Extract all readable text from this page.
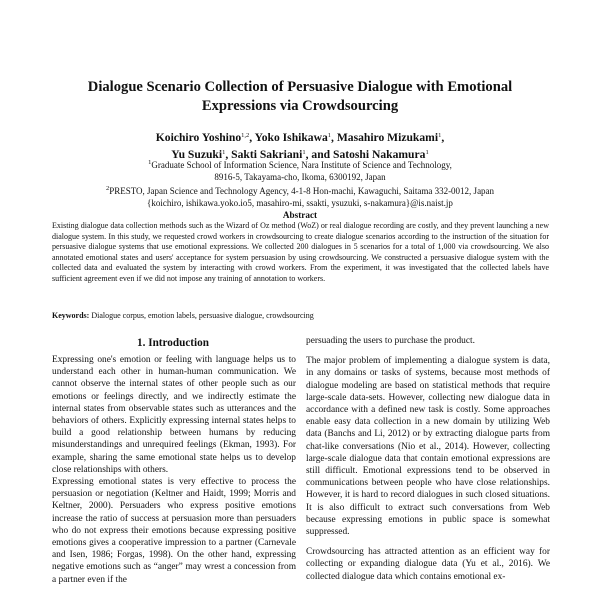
Dialogue Scenario Collection of Persuasive Dialogue with Emotional
Expressions via Crowdsourcing
Koichiro Yoshino$^{1,2}$, Yoko Ishikawa$^1$, Masahiro Mizukami$^1$,
Yu Suzuki$^1$, Sakti Sakriani$^1$, and Satoshi Nakamura$^1$
$^1$Graduate School of Information Science, Nara Institute of Science and Technology,
8916-5, Takayama-cho, Ikoma, 6300192, Japan
$^2$PRESTO, Japan Science and Technology Agency, 4-1-8 Hon-machi, Kawaguchi, Saitama 332-0012, Japan
{koichiro, ishikawa.yoko.io5, masahiro-mi, ssakti, ysuzuki, s-nakamura}@is.naist.jp
Abstract
Existing dialogue data collection methods such as the Wizard of Oz method (WoZ) or real dialogue recording are costly, and they prevent launching a new dialogue system. In this study, we requested crowd workers in crowdsourcing to create dialogue scenarios according to the instruction of the situation for persuasive dialogue systems that use emotional expressions. We collected 200 dialogues in 5 scenarios for a total of 1,000 via crowdsourcing. We also annotated emotional states and users' acceptance for system persuasion by using crowdsourcing. We constructed a persuasive dialogue system with the collected data and evaluated the system by interacting with crowd workers. From the experiment, it was investigated that the collected labels have sufficient agreement even if we did not impose any training of annotation to workers.
Keywords: Dialogue corpus, emotion labels, persuasive dialogue, crowdsourcing
1. Introduction

Expressing one's emotion or feeling with language helps us to understand each other in human-human communication. We cannot observe the internal states of other people such as our emotions or feelings directly, and we indirectly estimate the internal states from observable states such as utterances and the behaviors of others. Explicitly expressing internal states helps to build a good relationship between humans by reducing misunderstandings and unrequired feelings (Ekman, 1993). For example, sharing the same emotional state helps us to develop close relationships with others.

Expressing emotional states is very effective to process the persuasion or negotiation (Keltner and Haidt, 1999; Morris and Keltner, 2000). Persuaders who express positive emotions increase the ratio of success at persuasion more than persuaders who do not express their emotions because expressing positive emotions gives a cooperative impression to a partner (Carnevale and Isen, 1986; Forgas, 1998). On the other hand, expressing negative emotions such as “anger” may wrest a concession from a partner even if the

persuading the users to purchase the product.

The major problem of implementing a dialogue system is data, in any domains or tasks of systems, because most methods of dialogue modeling are based on statistical methods that require large-scale data-sets. However, collecting new dialogue data in accordance with a defined new task is costly. Some approaches enable easy data collection in a new domain by utilizing Web data (Banchs and Li, 2012) or by extracting dialogue parts from chat-like conversations (Nio et al., 2014). However, collecting large-scale dialogue data that contain emotional expressions are still difficult. Emotional expressions tend to be observed in communications between people who have close relationships. However, it is hard to record dialogues in such closed situations. It is also difficult to extract such conversations from Web because expressing emotions in public space is somewhat suppressed.

Crowdsourcing has attracted attention as an efficient way for collecting or expanding dialogue data (Yu et al., 2016). We collected dialogue data which contains emotional ex-
